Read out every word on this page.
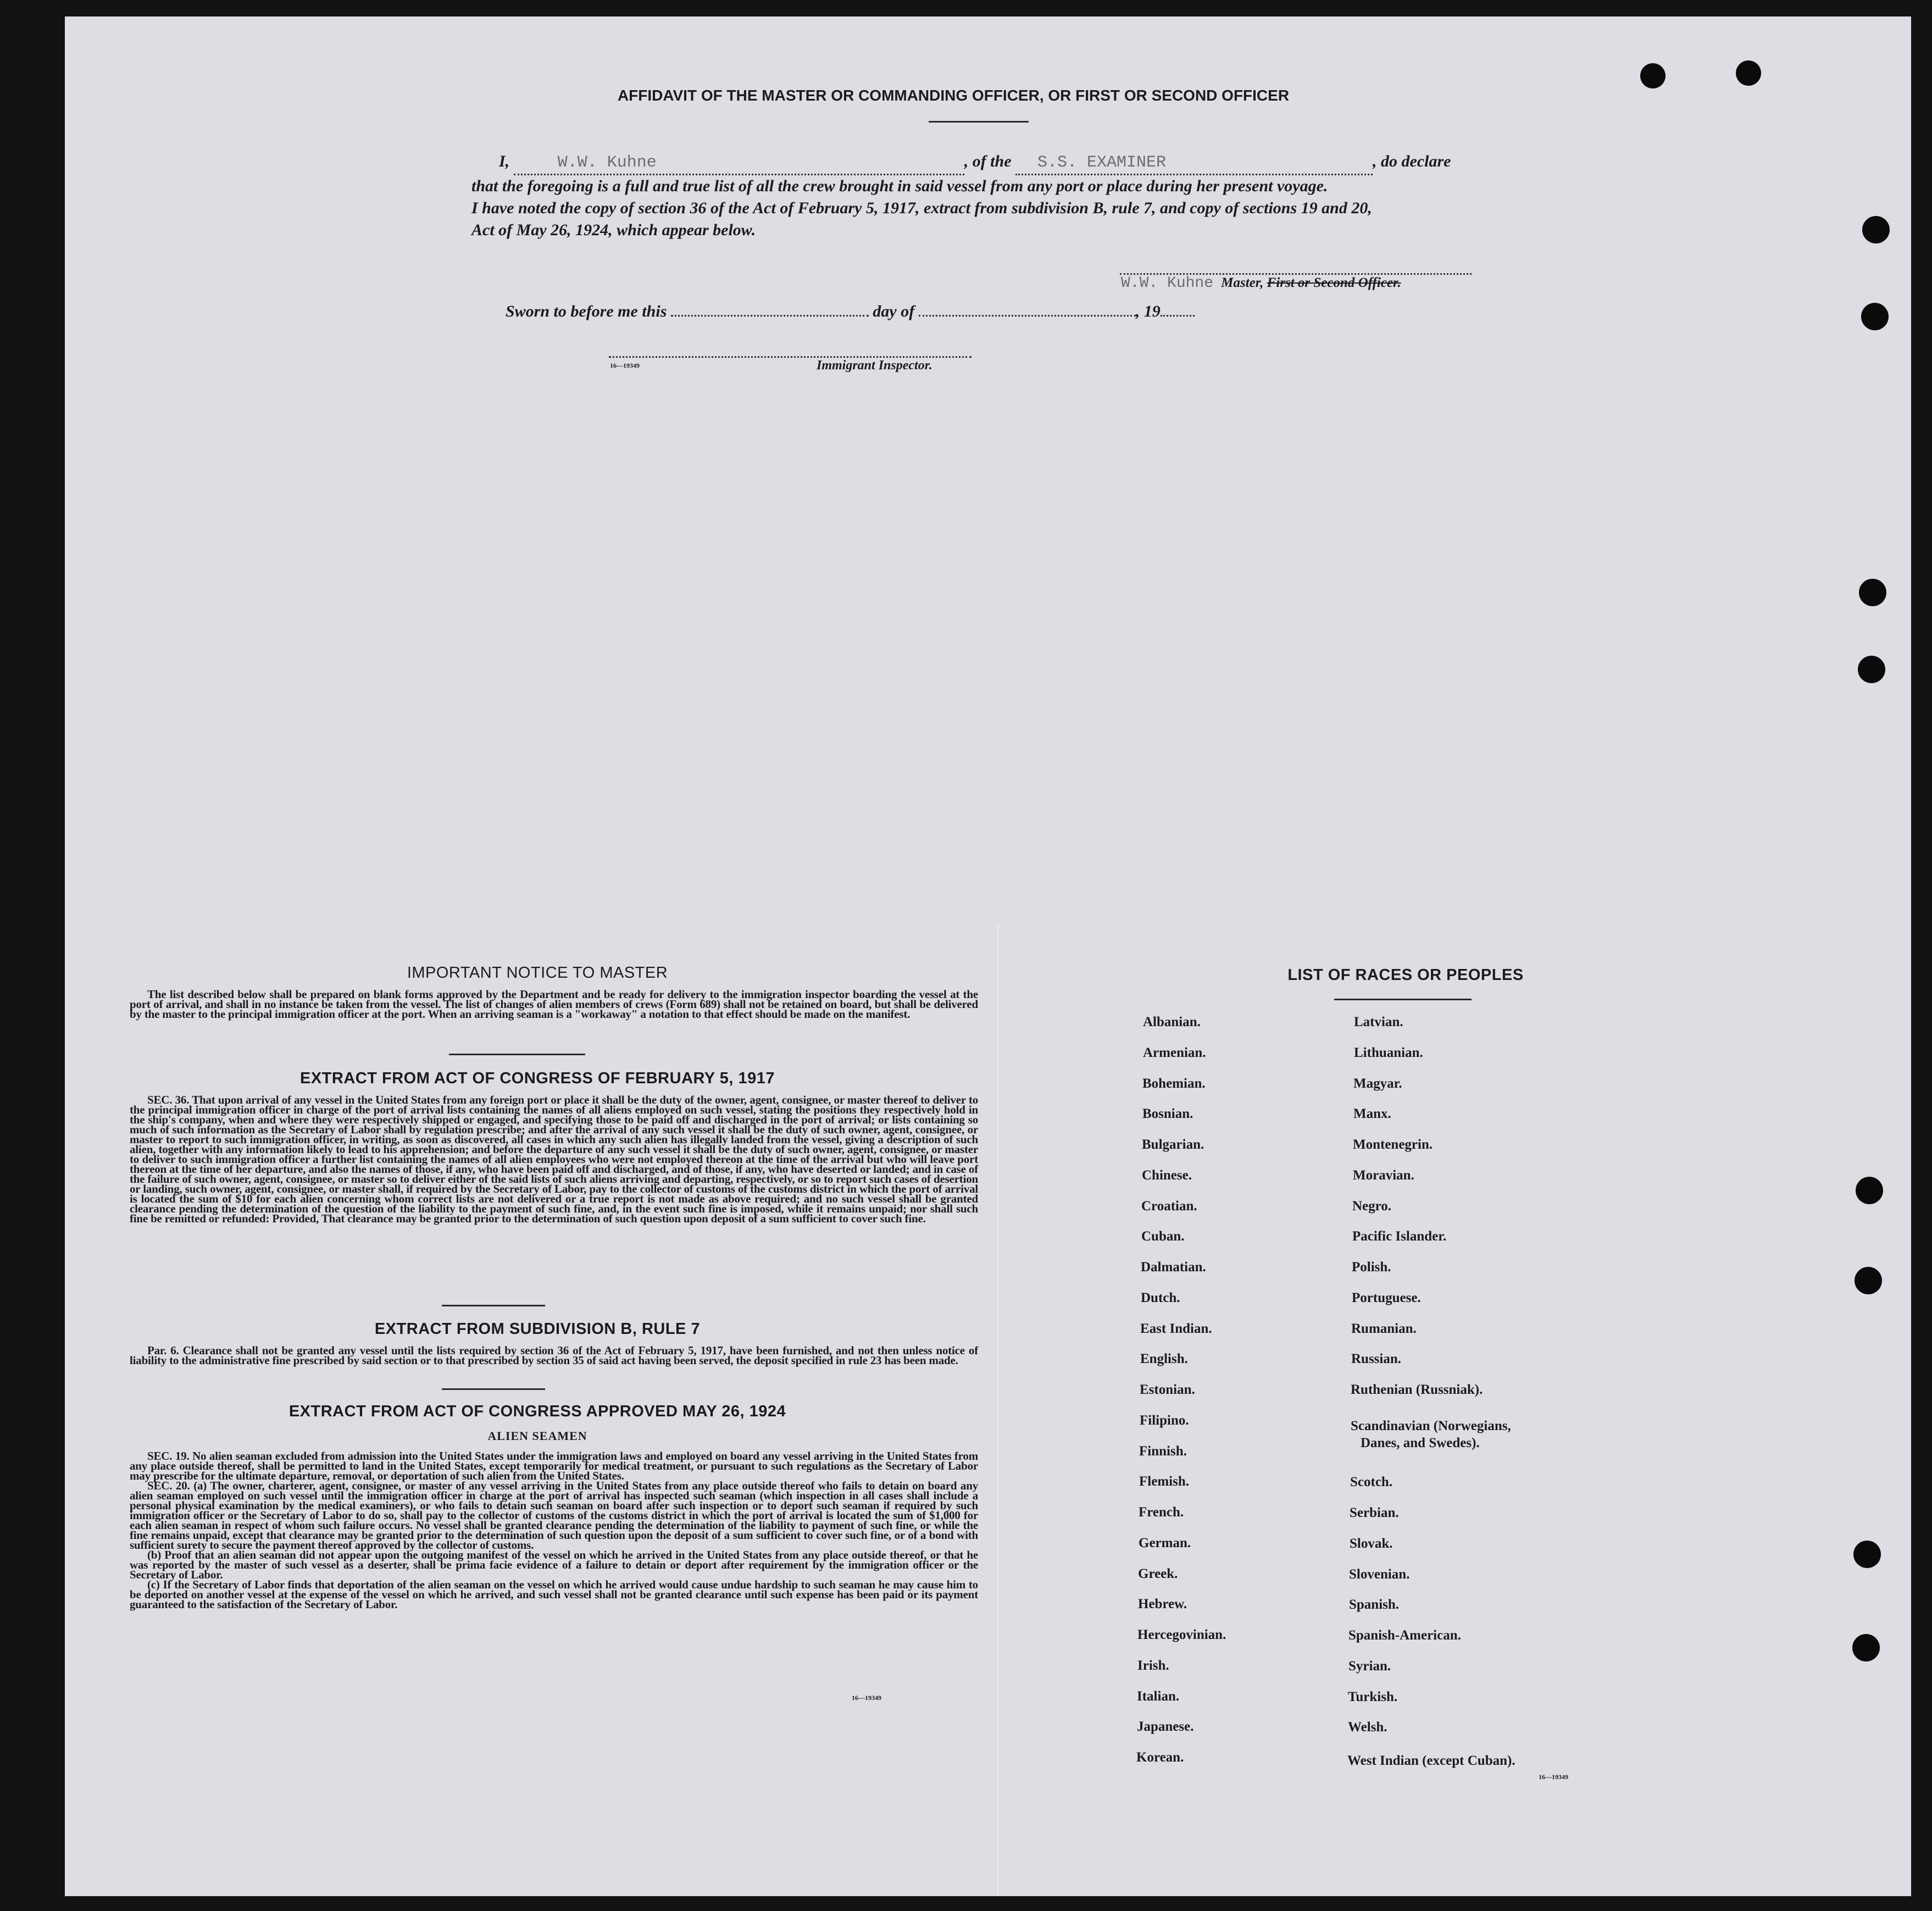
AFFIDAVIT OF THE MASTER OR COMMANDING OFFICER, OR FIRST OR SECOND OFFICER
I,	W.W. Kuhne	, of the S.S. EXAMINER	, do declare
that the foregoing is a full and true list of all the crew brought in said vessel from any port or place during her present voyage.
I have noted the copy of section 36 of the Act of February 5, 1917, extract from subdivision B, rule 7, and copy of sections 19 and 20,
Act of May 26, 1924, which appear below.
W.W. Kuhne Master, First or Second Officer.
Sworn to before me this	day of	, 19
16—19349	Immigrant Inspector.
IMPORTANT NOTICE TO MASTER

The list described below shall be prepared on blank forms approved by the Department and be ready for delivery to the immigration inspector boarding the vessel at the port of arrival, and shall in no instance be taken from the vessel. The list of changes of alien members of crews (Form 689) shall not be retained on board, but shall be delivered by the master to the principal immigration officer at the port. When an arriving seaman is a "workaway" a notation to that effect should be made on the manifest.

EXTRACT FROM ACT OF CONGRESS OF FEBRUARY 5, 1917

SEC. 36. That upon arrival of any vessel in the United States from any foreign port or place it shall be the duty of the owner, agent, consignee, or master thereof to deliver to the principal immigration officer in charge of the port of arrival lists containing the names of all aliens employed on such vessel, stating the positions they respectively hold in the ship's company, when and where they were respectively shipped or engaged, and specifying those to be paid off and discharged in the port of arrival; or lists containing so much of such information as the Secretary of Labor shall by regulation prescribe; and after the arrival of any such vessel it shall be the duty of such owner, agent, consignee, or master to report to such immigration officer, in writing, as soon as discovered, all cases in which any such alien has illegally landed from the vessel, giving a description of such alien, together with any information likely to lead to his apprehension; and before the departure of any such vessel it shall be the duty of such owner, agent, consignee, or master to deliver to such immigration officer a further list containing the names of all alien employees who were not employed thereon at the time of the arrival but who will leave port thereon at the time of her departure, and also the names of those, if any, who have been paid off and discharged, and of those, if any, who have deserted or landed; and in case of the failure of such owner, agent, consignee, or master so to deliver either of the said lists of such aliens arriving and departing, respectively, or so to report such cases of desertion or landing, such owner, agent, consignee, or master shall, if required by the Secretary of Labor, pay to the collector of customs of the customs district in which the port of arrival is located the sum of $10 for each alien concerning whom correct lists are not delivered or a true report is not made as above required; and no such vessel shall be granted clearance pending the determination of the question of the liability to the payment of such fine, and, in the event such fine is imposed, while it remains unpaid; nor shall such fine be remitted or refunded: Provided, That clearance may be granted prior to the determination of such question upon deposit of a sum sufficient to cover such fine.

EXTRACT FROM SUBDIVISION B, RULE 7

Par. 6. Clearance shall not be granted any vessel until the lists required by section 36 of the Act of February 5, 1917, have been furnished, and not then unless notice of liability to the administrative fine prescribed by said section or to that prescribed by section 35 of said act having been served, the deposit specified in rule 23 has been made.

EXTRACT FROM ACT OF CONGRESS APPROVED MAY 26, 1924
ALIEN SEAMEN

SEC. 19. No alien seaman excluded from admission into the United States under the immigration laws and employed on board any vessel arriving in the United States from any place outside thereof, shall be permitted to land in the United States, except temporarily for medical treatment, or pursuant to such regulations as the Secretary of Labor may prescribe for the ultimate departure, removal, or deportation of such alien from the United States.

SEC. 20. (a) The owner, charterer, agent, consignee, or master of any vessel arriving in the United States from any place outside thereof who fails to detain on board any alien seaman employed on such vessel until the immigration officer in charge at the port of arrival has inspected such seaman (which inspection in all cases shall include a personal physical examination by the medical examiners), or who fails to detain such seaman on board after such inspection or to deport such seaman if required by such immigration officer or the Secretary of Labor to do so, shall pay to the collector of customs of the customs district in which the port of arrival is located the sum of $1,000 for each alien seaman in respect of whom such failure occurs. No vessel shall be granted clearance pending the determination of the liability to payment of such fine, or while the fine remains unpaid, except that clearance may be granted prior to the determination of such question upon the deposit of a sum sufficient to cover such fine, or of a bond with sufficient surety to secure the payment thereof approved by the collector of customs.

(b) Proof that an alien seaman did not appear upon the outgoing manifest of the vessel on which he arrived in the United States from any place outside thereof, or that he was reported by the master of such vessel as a deserter, shall be prima facie evidence of a failure to detain or deport after requirement by the immigration officer or the Secretary of Labor.

(c) If the Secretary of Labor finds that deportation of the alien seaman on the vessel on which he arrived would cause undue hardship to such seaman he may cause him to be deported on another vessel at the expense of the vessel on which he arrived, and such vessel shall not be granted clearance until such expense has been paid or its payment guaranteed to the satisfaction of the Secretary of Labor.

16—19349
LIST OF RACES OR PEOPLES
Albanian.
Armenian.
Bohemian.
Bosnian.
Bulgarian.
Chinese.
Croatian.
Cuban.
Dalmatian.
Dutch.
East Indian.
English.
Estonian.
Filipino.
Finnish.
Flemish.
French.
German.
Greek.
Hebrew.
Hercegovinian.
Irish.
Italian.
Japanese.
Korean.
Latvian.
Lithuanian.
Magyar.
Manx.
Montenegrin.
Moravian.
Negro.
Pacific Islander.
Polish.
Portuguese.
Rumanian.
Russian.
Ruthenian (Russniak).
Scandinavian (Norwegians,
Danes, and Swedes).
Scotch.
Serbian.
Slovak.
Slovenian.
Spanish.
Spanish-American.
Syrian.
Turkish.
Welsh.
West Indian (except Cuban).
16—19349
